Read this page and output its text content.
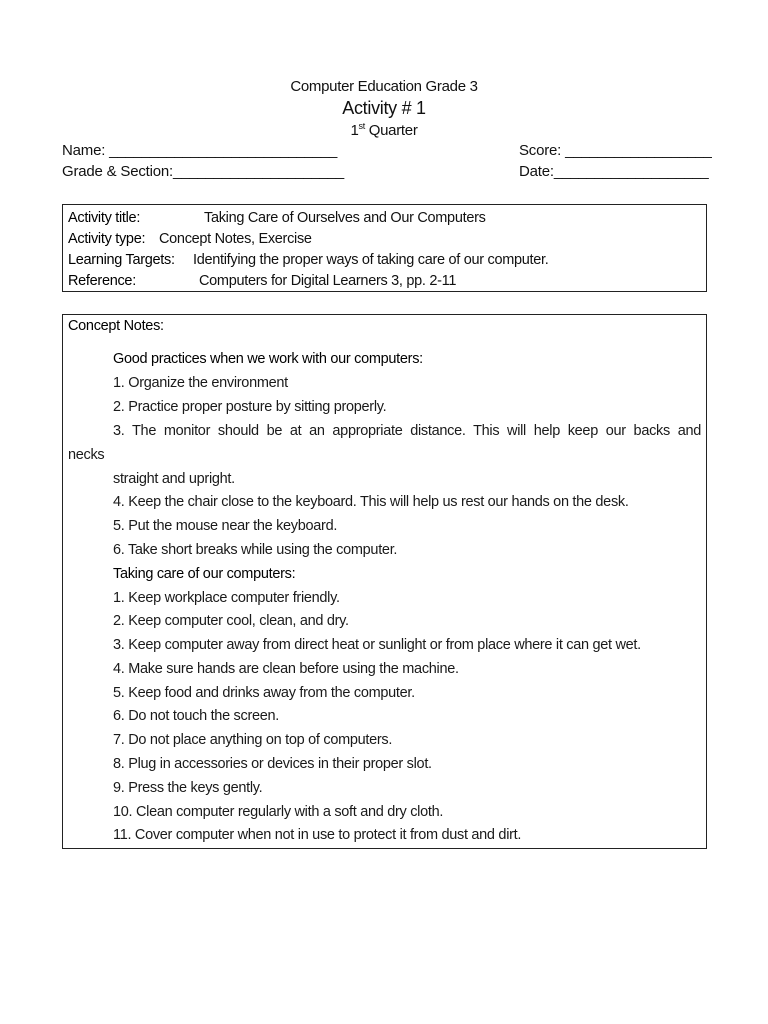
Computer Education Grade 3
Activity # 1
1st Quarter
Name: ____________________________
Grade & Section:_____________________
Score: __________________
Date:___________________
Activity title:	Taking Care of Ourselves and Our Computers
Activity type: Concept Notes, Exercise
Learning Targets: Identifying the proper ways of taking care of our computer.
Reference:	Computers for Digital Learners 3, pp. 2-11
Concept Notes:
Good practices when we work with our computers:
1. Organize the environment
2. Practice proper posture by sitting properly.
3. The monitor should be at an appropriate distance. This will help keep our backs and
necks
straight and upright.
4. Keep the chair close to the keyboard. This will help us rest our hands on the desk.
5. Put the mouse near the keyboard.
6. Take short breaks while using the computer.
Taking care of our computers:
1. Keep workplace computer friendly.
2. Keep computer cool, clean, and dry.
3. Keep computer away from direct heat or sunlight or from place where it can get wet.
4. Make sure hands are clean before using the machine.
5. Keep food and drinks away from the computer.
6. Do not touch the screen.
7. Do not place anything on top of computers.
8. Plug in accessories or devices in their proper slot.
9. Press the keys gently.
10. Clean computer regularly with a soft and dry cloth.
11. Cover computer when not in use to protect it from dust and dirt.
